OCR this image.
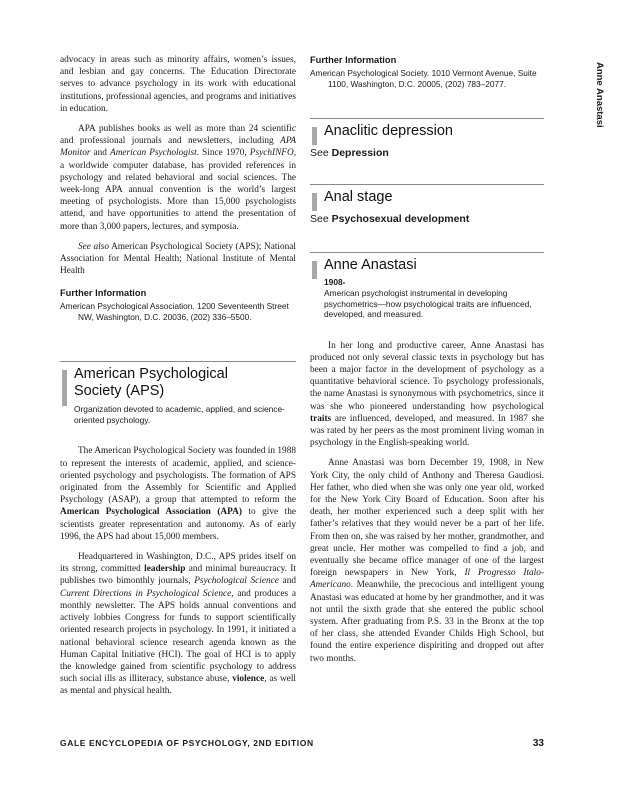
Anne Anastasi

advocacy in areas such as minority affairs, women’s issues, and lesbian and gay concerns. The Education Directorate serves to advance psychology in its work with educational institutions, professional agencies, and programs and initiatives in education.

APA publishes books as well as more than 24 scientific and professional journals and newsletters, including APA Monitor and American Psychologist. Since 1970, PsychINFO, a worldwide computer database, has provided references in psychology and related behavioral and social sciences. The week-long APA annual convention is the world’s largest meeting of psychologists. More than 15,000 psychologists attend, and have opportunities to attend the presentation of more than 3,000 papers, lectures, and symposia.

See also American Psychological Society (APS); National Association for Mental Health; National Institute of Mental Health

Further Information

American Psychological Association. 1200 Seventeenth Street NW, Washington, D.C. 20036, (202) 336–5500.

American Psychological
Society (APS)

Organization devoted to academic, applied, and science-oriented psychology.

The American Psychological Society was founded in 1988 to represent the interests of academic, applied, and science-oriented psychology and psychologists. The formation of APS originated from the Assembly for Scientific and Applied Psychology (ASAP), a group that attempted to reform the American Psychological Association (APA) to give the scientists greater representation and autonomy. As of early 1996, the APS had about 15,000 members.

Headquartered in Washington, D.C., APS prides itself on its strong, committed leadership and minimal bureaucracy. It publishes two bimonthly journals, Psychological Science and Current Directions in Psychological Science, and produces a monthly newsletter. The APS holds annual conventions and actively lobbies Congress for funds to support scientifically oriented research projects in psychology. In 1991, it initiated a national behavioral science research agenda known as the Human Capital Initiative (HCI). The goal of HCI is to apply the knowledge gained from scientific psychology to address such social ills as illiteracy, substance abuse, violence, as well as mental and physical health.

Further Information

American Psychological Society. 1010 Vermont Avenue, Suite 1100, Washington, D.C. 20005, (202) 783–2077.

Anaclitic depression
See Depression
Anal stage
See Psychosexual development
Anne Anastasi
1908-

American psychologist instrumental in developing psychometrics—how psychological traits are influenced, developed, and measured.

In her long and productive career, Anne Anastasi has produced not only several classic texts in psychology but has been a major factor in the development of psychology as a quantitative behavioral science. To psychology professionals, the name Anastasi is synonymous with psychometrics, since it was she who pioneered understanding how psychological traits are influenced, developed, and measured. In 1987 she was rated by her peers as the most prominent living woman in psychology in the English-speaking world.

Anne Anastasi was born December 19, 1908, in New York City, the only child of Anthony and Theresa Gaudiosi. Her father, who died when she was only one year old, worked for the New York City Board of Education. Soon after his death, her mother experienced such a deep split with her father’s relatives that they would never be a part of her life. From then on, she was raised by her mother, grandmother, and great uncle. Her mother was compelled to find a job, and eventually she became office manager of one of the largest foreign newspapers in New York, Il Progresso Italo-Americano. Meanwhile, the precocious and intelligent young Anastasi was educated at home by her grandmother, and it was not until the sixth grade that she entered the public school system. After graduating from P.S. 33 in the Bronx at the top of her class, she attended Evander Childs High School, but found the entire experience dispiriting and dropped out after two months.

GALE ENCYCLOPEDIA OF PSYCHOLOGY, 2ND EDITION	33
